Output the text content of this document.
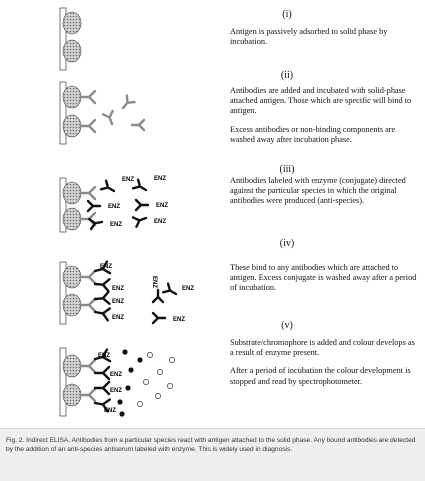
ENZ	ENZ
ENZ	ENZ
ENZ	ENZ
ENZ
ENZ
ENZ
ENZ
ENZ
ENZ
ENZ
ENZ
ENZ
ENZ
ENZ
(i)

Antigen is passively adsorbed to solid phase by incubation.

(ii)

Antibodies are added and incubated with solid-phase attached antigen. Those which are specific will bind to antigen.

Excess antibodies or non-binding components are washed away after incubation phase.

(iii)

Antibodies labeled with enzyme (conjugate) directed against the particular species in which the original antibodies were produced (anti-species).

(iv)

These bind to any antibodies which are attached to antigen. Excess conjugate is washed away after a period of incubation.

(v)

Substrate/chromophore is added and colour develops as a result of enzyme present.

After a period of incubation the colour development is stopped and read by spectrophotometer.

Fig. 2. Indirect ELISA. Antibodies from a particular species react with antigen attached to the solid phase. Any bound antibodies are detected by the addition of an anti-species antiserum labeled with enzyme. This is widely used in diagnosis.
